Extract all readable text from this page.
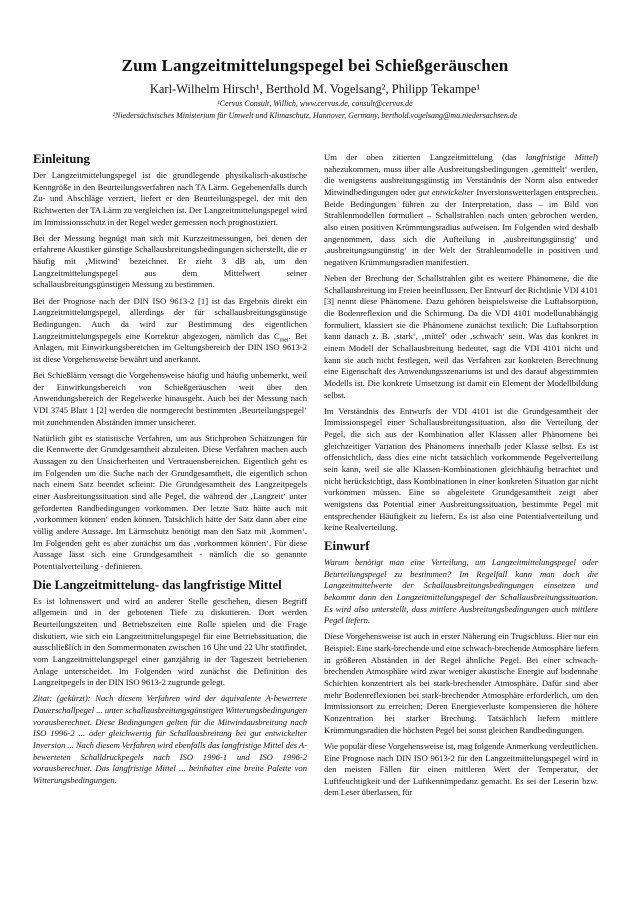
Zum Langzeitmittelungspegel bei Schießgeräuschen
Karl-Wilhelm Hirsch¹, Berthold M. Vogelsang², Philipp Tekampe¹
¹Cervus Consult, Willich, www.cervus.de, consult@cervus.de
²Niedersächsisches Ministerium für Umwelt und Klimaschutz, Hannover, Germany, berthold.vogelsang@mu.niedersachsen.de
Einleitung

Der Langzeitmittelungspegel ist die grundlegende physikalisch-akustische Kenngröße in den Beurteilungsverfahren nach TA Lärm. Gegebenenfalls durch Zu- und Abschläge verziert, liefert er den Beurteilungspegel, der mit den Richtwerten der TA Lärm zu vergleichen ist. Der Langzeitmittelungspegel wird im Immissionsschutz in der Regel weder gemessen noch prognostiziert.

Bei der Messung begnügt man sich mit Kurzzeitmessungen, bei denen der erfahrene Akustiker günstige Schallausbreitungsbedingungen sicherstellt, die er häufig mit ‚Mitwind‘ bezeichnet. Er zieht 3 dB ab, um den Langzeitmittelungspegel aus dem Mittelwert seiner schallausbreitungsgünstigen Messung zu bestimmen.

Bei der Prognose nach der DIN ISO 9613-2 [1] ist das Ergebnis direkt ein Langzeitmittelungspegel, allerdings der für schallausbreitungsgünstige Bedingungen. Auch da wird zur Bestimmung des eigentlichen Langzeitmittelungspegels eine Korrektur abgezogen, nämlich das $C_{met}$. Bei Anlagen, mit Einwirkungsbereichen im Geltungsbereich der DIN ISO 9613-2 ist diese Vorgehensweise bewährt und anerkannt.

Bei Schießlärm versagt die Vorgehensweise häufig und häufig unbemerkt, weil der Einwirkungsbereich von Schießgeräuschen weit über den Anwendungsbereich der Regelwerke hinausgeht. Auch bei der Messung nach VDI 3745 Blatt 1 [2] werden die normgerecht bestimmten ‚Beurteilungspegel‘ mit zunehmenden Abständen immer unsicherer.

Natürlich gibt es statistische Verfahren, um aus Stichproben Schätzungen für die Kennwerte der Grundgesamtheit abzuleiten. Diese Verfahren machen auch Aussagen zu den Unsicherheiten und Vertrauensbereichen. Eigentlich geht es im Folgenden um die Suche nach der Grundgesamtheit, die eigentlich schon nach einem Satz beendet scheint: Die Grundgesamtheit des Langzeitpegels einer Ausbreitungssituation sind alle Pegel, die während der ‚Langzeit‘ unter geforderten Randbedingungen vorkommen. Der letzte Satz hätte auch mit ‚vorkommen können‘ enden können. Tatsächlich hätte der Satz dann aber eine völlig andere Aussage. Im Lärmschutz benötigt man den Satz mit ‚kommen‘. Im Folgenden geht es aber zunächst um das ‚vorkommen können‘. Für diese Aussage lässt sich eine Grundgesamtheit - nämlich die so genannte Potentialverteilung - definieren.

Die Langzeitmittelung- das langfristige Mittel

Es ist lohnenswert und wird an anderer Stelle geschehen, diesen Begriff allgemein und in der gebotenen Tiefe zu diskutieren. Dort werden Beurteilungszeiten und Betriebszeiten eine Rolle spielen und die Frage diskutiert, wie sich ein Langzeitmittelungspegel für eine Betriebssituation, die ausschließlich in den Sommermonaten zwischen 16 Uhr und 22 Uhr stattfindet, vom Langzeitmittelungspegel einer ganzjährig in der Tageszeit betriebenen Anlage unterscheidet. Im Folgenden wird zunächst die Definition des Langzeitpegels in der DIN ISO 9613-2 zugrunde gelegt.

Zitat: (gekürzt): Nach diesem Verfahren wird der äquivalente A-bewertete Dauerschallpegel ... unter schallausbreitungsgünstigen Witterungsbedingungen vorausberechnet. Diese Bedingungen gelten für die Mitwindausbreitung nach ISO 1996-2 ... oder gleichwertig für Schallausbreitung bei gut entwickelter Inversion ... Nach diesem Verfahren wird ebenfalls das langfristige Mittel des A-bewerteten Schalldruckpegels nach ISO 1996-1 und ISO 1996-2 vorausberechnet. Das langfristige Mittel ... beinhaltet eine breite Palette von Witterungsbedingungen.

Um der oben zitierten Langzeitmittelung (das langfristige Mittel) nahezukommen, muss über alle Ausbreitungsbedingungen ‚gemittelt‘ werden, die wenigstens ausbreitungsgünstig im Verständnis der Norm also entweder Mitwindbedingungen oder gut entwickelter Inversionswetterlagen entsprechen. Beide Bedingungen führen zu der Interpretation, dass – im Bild von Strahlenmodellen formuliert – Schallstrahlen nach unten gebrochen werden, also einen positiven Krümmungsradius aufweisen. Im Folgenden wird deshalb angenommen, dass sich die Aufteilung in ‚ausbreitungsgünstig‘ und ‚ausbreitungsungünstig‘ in der Welt der Strahlenmodelle in positiven und negativen Krümmungsradien manifestiert.

Neben der Brechung der Schallstrahlen gibt es weitere Phänomene, die die Schallausbreitung im Freien beeinflussen. Der Entwurf der Richtlinie VDI 4101 [3] nennt diese Phänomene. Dazu gehören beispielsweise die Luftabsorption, die Bodenreflexion und die Schirmung. Da die VDI 4101 modellunabhängig formuliert, klassiert sie die Phänomene zunächst textlich: Die Luftabsorption kann danach z. B. ‚stark‘, ‚mittel‘ oder ‚schwach‘ sein. Was das konkret in einem Modell der Schallausbreitung bedeutet, sagt die VDI 4101 nicht und kann sie auch nicht festlegen, weil das Verfahren zur konkreten Berechnung eine Eigenschaft des Anwendungsszenariums ist und des darauf abgestimmten Modells ist. Die konkrete Umsetzung ist damit ein Element der Modellbildung selbst.

Im Verständnis des Entwurfs der VDI 4101 ist die Grundgesamtheit der Immissionspegel einer Schallausbreitungssituation, also die Verteilung der Pegel, die sich aus der Kombination aller Klassen aller Phänomene bei gleichzeitiger Variation des Phänomens innerhalb jeder Klasse selbst. Es ist offensichtlich, dass dies eine nicht tatsächlich vorkommende Pegelverteilung sein kann, weil sie alle Klassen-Kombinationen gleichhäufig betrachtet und nicht berücksichtigt, dass Kombinationen in einer konkreten Situation gar nicht vorkommen müssen. Eine so abgeleitete Grundgesamtheit zeigt aber wenigstens das Potential einer Ausbreitungssituation, bestimmte Pegel mit entsprechender Häufigkeit zu liefern. Es ist also eine Potentialverteilung und keine Realverteilung.

Einwurf

Warum benötigt man eine Verteilung, um Langzeitmittelungspegel oder Beurteilungspegel zu bestimmen? Im Regelfall kann man doch die Langzeitmittelwerte der Schallausbreitungsbedingungen einsetzen und bekommt dann den Langzeitmittelungspegel der Schallausbreitungssituation. Es wird also unterstellt, dass mittlere Ausbreitungsbedingungen auch mittlere Pegel liefern.

Diese Vorgehensweise ist auch in erster Näherung ein Trugschluss. Hier nur ein Beispiel: Eine stark-brechende und eine schwach-brechende Atmosphäre liefern in größeren Abständen in der Regel ähnliche Pegel. Bei einer schwach-brechenden Atmosphäre wird zwar weniger akustische Energie auf bodennahe Schichten konzentriert als bei stark-brechender Atmosphäre. Dafür sind aber mehr Bodenreflexionen bei stark-brechender Atmosphäre erforderlich, um den Immissionsort zu erreichen; Deren Energieverluste kompensieren die höhere Konzentration bei starker Brechung. Tatsächlich liefern mittlere Krümmungsradien die höchsten Pegel bei sonst gleichen Randbedingungen.

Wie populär diese Vorgehensweise ist, mag folgende Anmerkung verdeutlichen. Eine Prognose nach DIN ISO 9613-2 für den Langzeitmittelungspegel wird in den meisten Fällen für einen mittleren Wert der Temperatur, der Luftfeuchtigkeit und der Luftkennimpedanz gemacht. Es sei der Leserin bzw. dem Leser überlassen, für
